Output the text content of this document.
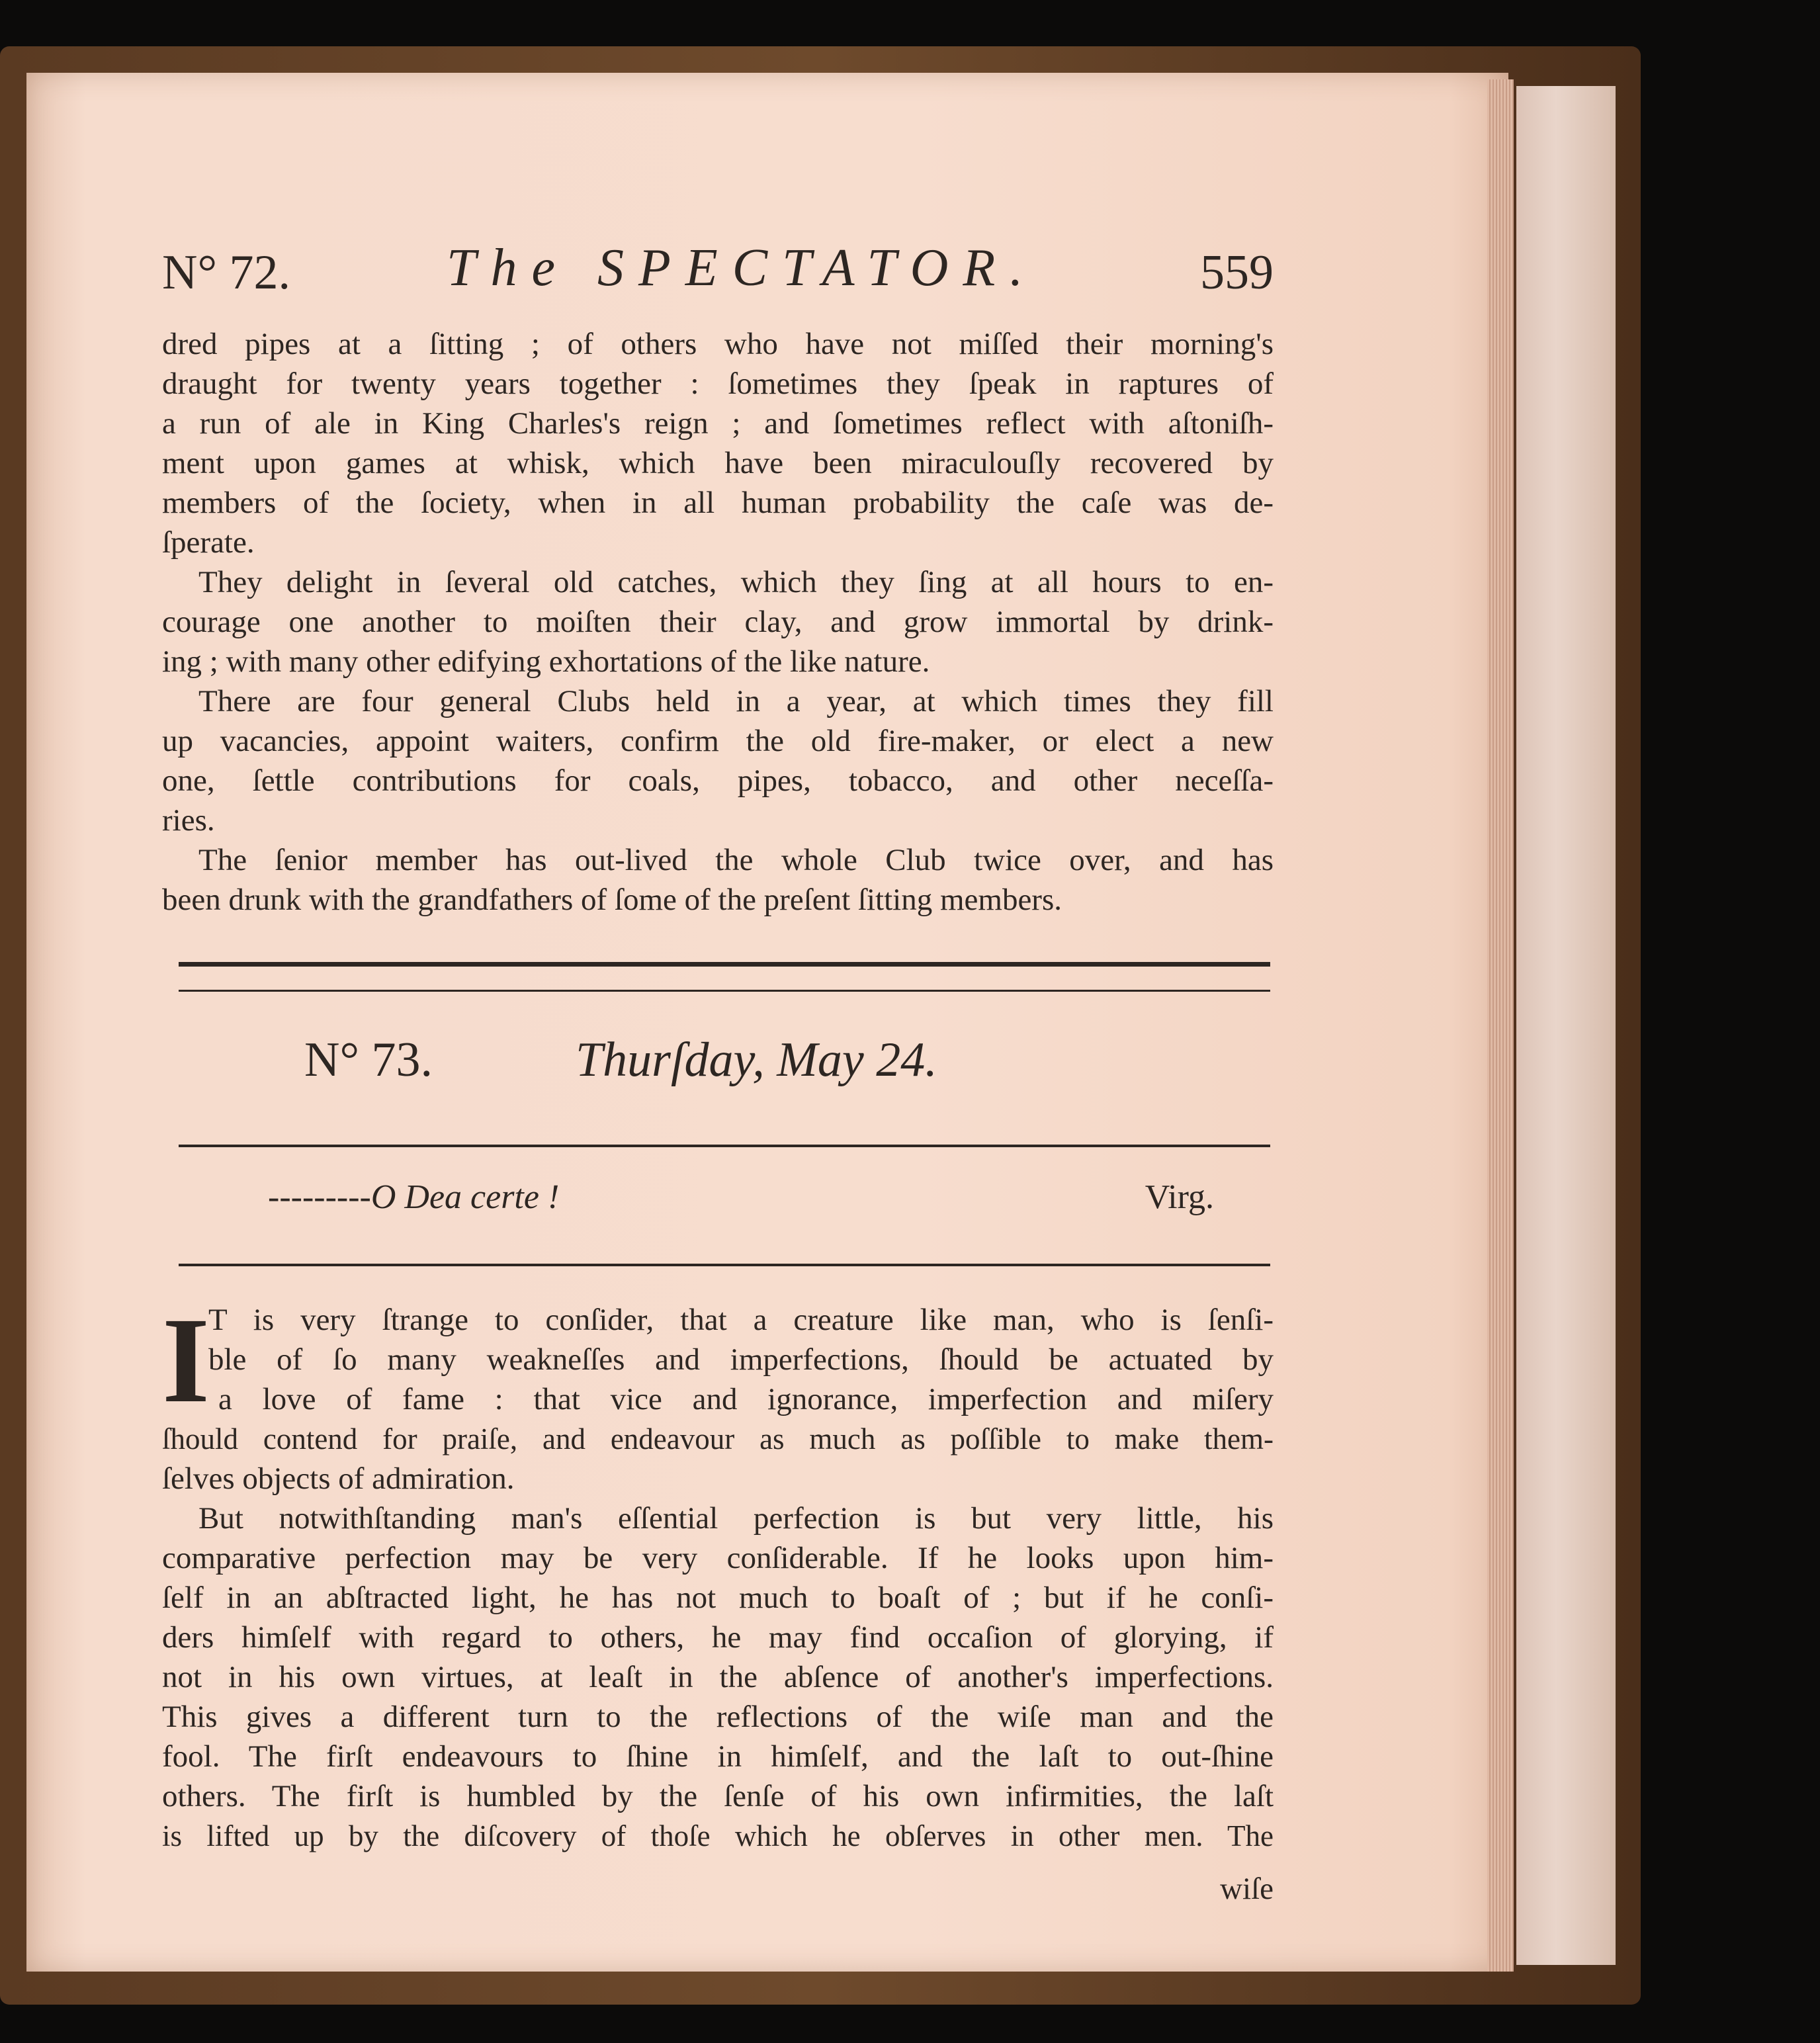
N° 72.	The SPECTATOR.	559

dred pipes at a ſitting ; of others who have not miſſed their morning's
draught for twenty years together : ſometimes they ſpeak in raptures of
a run of ale in King Charles's reign ; and ſometimes reflect with aſtoniſh-
ment upon games at whisk, which have been miraculouſly recovered by
members of the ſociety, when in all human probability the caſe was de-
ſperate.

They delight in ſeveral old catches, which they ſing at all hours to en-
courage one another to moiſten their clay, and grow immortal by drink-
ing ; with many other edifying exhortations of the like nature.

There are four general Clubs held in a year, at which times they fill
up vacancies, appoint waiters, confirm the old fire-maker, or elect a new
one, ſettle contributions for coals, pipes, tobacco, and other neceſſa-
ries.

The ſenior member has out-lived the whole Club twice over, and has
been drunk with the grandfathers of ſome of the preſent ſitting members.

N° 73.	Thurſday, May 24.
---------O Dea certe !	Virg.
I

T is very ſtrange to conſider, that a creature like man, who is ſenſi-
ble of ſo many weakneſſes and imperfections, ſhould be actuated by
a love of fame : that vice and ignorance, imperfection and miſery
ſhould contend for praiſe, and endeavour as much as poſſible to make them-
ſelves objects of admiration.

But notwithſtanding man's eſſential perfection is but very little, his
comparative perfection may be very conſiderable. If he looks upon him-
ſelf in an abſtracted light, he has not much to boaſt of ; but if he conſi-
ders himſelf with regard to others, he may find occaſion of glorying, if
not in his own virtues, at leaſt in the abſence of another's imperfections.
This gives a different turn to the reflections of the wiſe man and the
fool. The firſt endeavours to ſhine in himſelf, and the laſt to out-ſhine
others. The firſt is humbled by the ſenſe of his own infirmities, the laſt
is lifted up by the diſcovery of thoſe which he obſerves in other men. The

wiſe
